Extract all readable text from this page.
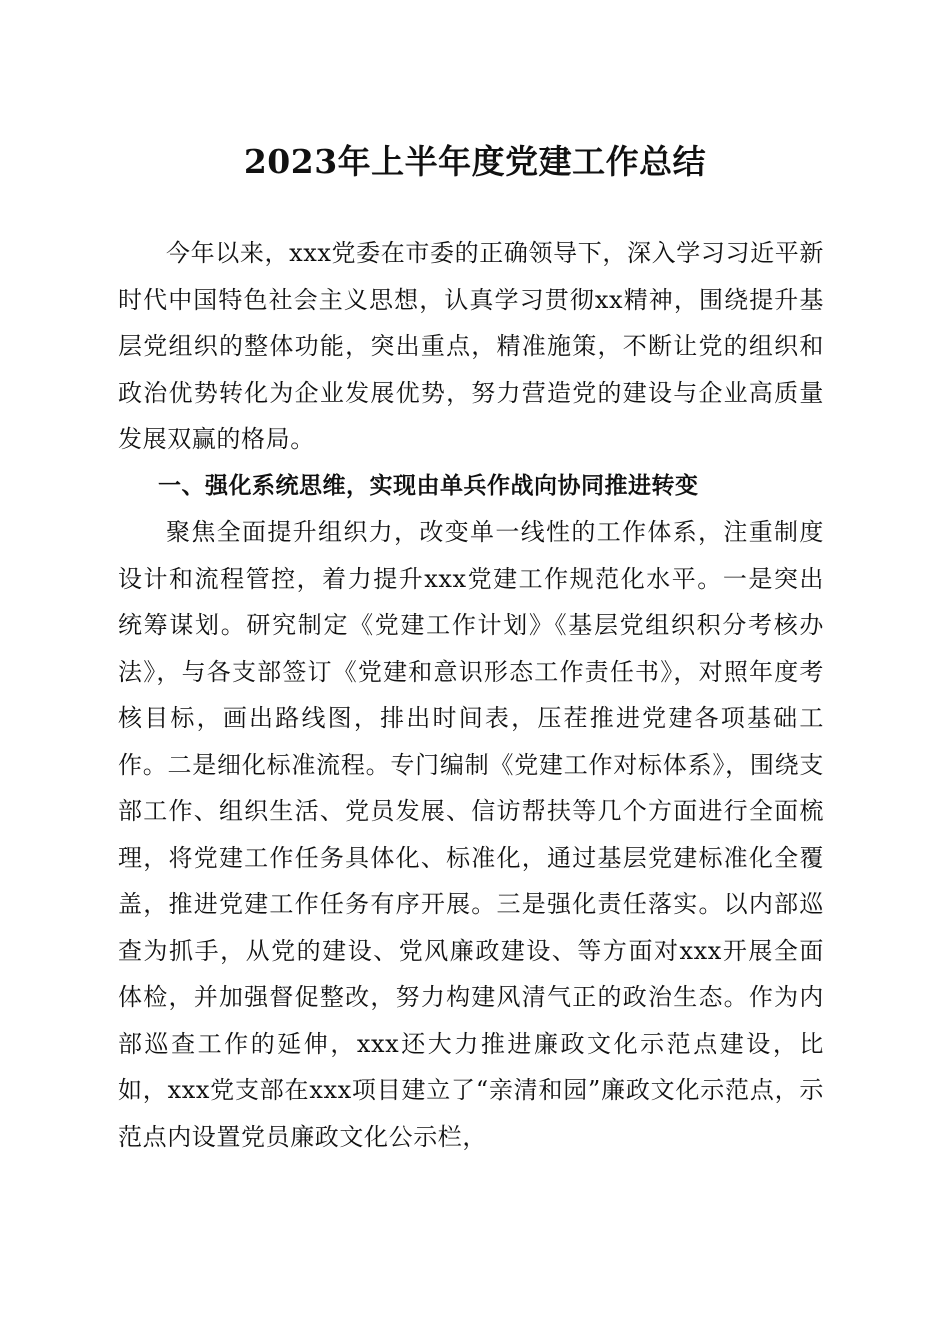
2023年上半年度党建工作总结

今年以来，xxx党委在市委的正确领导下，深入学习习近平新时代中国特色社会主义思想，认真学习贯彻xx精神，围绕提升基层党组织的整体功能，突出重点，精准施策，不断让党的组织和政治优势转化为企业发展优势，努力营造党的建设与企业高质量发展双赢的格局。

一、强化系统思维，实现由单兵作战向协同推进转变

聚焦全面提升组织力，改变单一线性的工作体系，注重制度设计和流程管控，着力提升xxx党建工作规范化水平。一是突出统筹谋划。研究制定《党建工作计划》《基层党组织积分考核办法》，与各支部签订《党建和意识形态工作责任书》，对照年度考核目标，画出路线图，排出时间表，压茬推进党建各项基础工作。二是细化标准流程。专门编制《党建工作对标体系》，围绕支部工作、组织生活、党员发展、信访帮扶等几个方面进行全面梳理，将党建工作任务具体化、标准化，通过基层党建标准化全覆盖，推进党建工作任务有序开展。三是强化责任落实。以内部巡查为抓手，从党的建设、党风廉政建设、等方面对xxx开展全面体检，并加强督促整改，努力构建风清气正的政治生态。作为内部巡查工作的延伸，xxx还大力推进廉政文化示范点建设，比如，xxx党支部在xxx项目建立了“亲清和园”廉政文化示范点，示范点内设置党员廉政文化公示栏，
